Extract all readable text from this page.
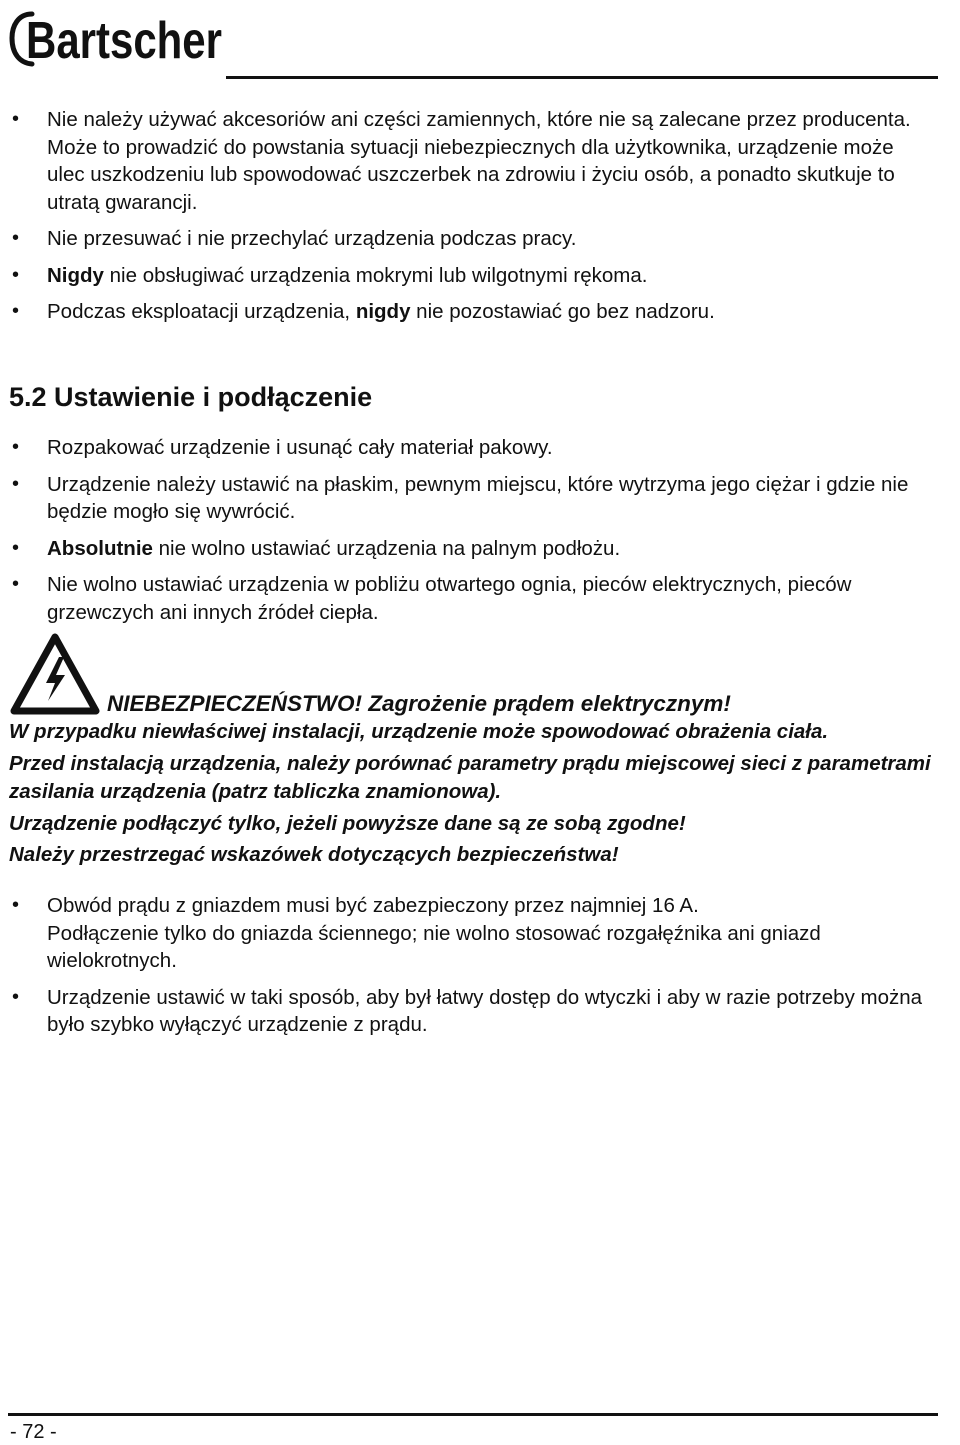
Bartscher
• Nie należy używać akcesoriów ani części zamiennych, które nie są zalecane przez producenta. Może to prowadzić do powstania sytuacji niebezpiecznych dla użytkownika, urządzenie może ulec uszkodzeniu lub spowodować uszczerbek na zdrowiu i życiu osób, a ponadto skutkuje to utratą gwarancji.
• Nie przesuwać i nie przechylać urządzenia podczas pracy.
• Nigdy nie obsługiwać urządzenia mokrymi lub wilgotnymi rękoma.
• Podczas eksploatacji urządzenia, nigdy nie pozostawiać go bez nadzoru.
5.2 Ustawienie i podłączenie
• Rozpakować urządzenie i usunąć cały materiał pakowy.
• Urządzenie należy ustawić na płaskim, pewnym miejscu, które wytrzyma jego ciężar i gdzie nie będzie mogło się wywrócić.
• Absolutnie nie wolno ustawiać urządzenia na palnym podłożu.
• Nie wolno ustawiać urządzenia w pobliżu otwartego ognia, pieców elektrycznych, pieców grzewczych ani innych źródeł ciepła.
NIEBEZPIECZEŃSTWO! Zagrożenie prądem elektrycznym!

W przypadku niewłaściwej instalacji, urządzenie może spowodować obrażenia ciała.

Przed instalacją urządzenia, należy porównać parametry prądu miejscowej sieci z parametrami zasilania urządzenia (patrz tabliczka znamionowa).

Urządzenie podłączyć tylko, jeżeli powyższe dane są ze sobą zgodne!

Należy przestrzegać wskazówek dotyczących bezpieczeństwa!

• Obwód prądu z gniazdem musi być zabezpieczony przez najmniej 16 A.
Podłączenie tylko do gniazda ściennego; nie wolno stosować rozgałęźnika ani gniazd wielokrotnych.
• Urządzenie ustawić w taki sposób, aby był łatwy dostęp do wtyczki i aby w razie potrzeby można było szybko wyłączyć urządzenie z prądu.
- 72 -
